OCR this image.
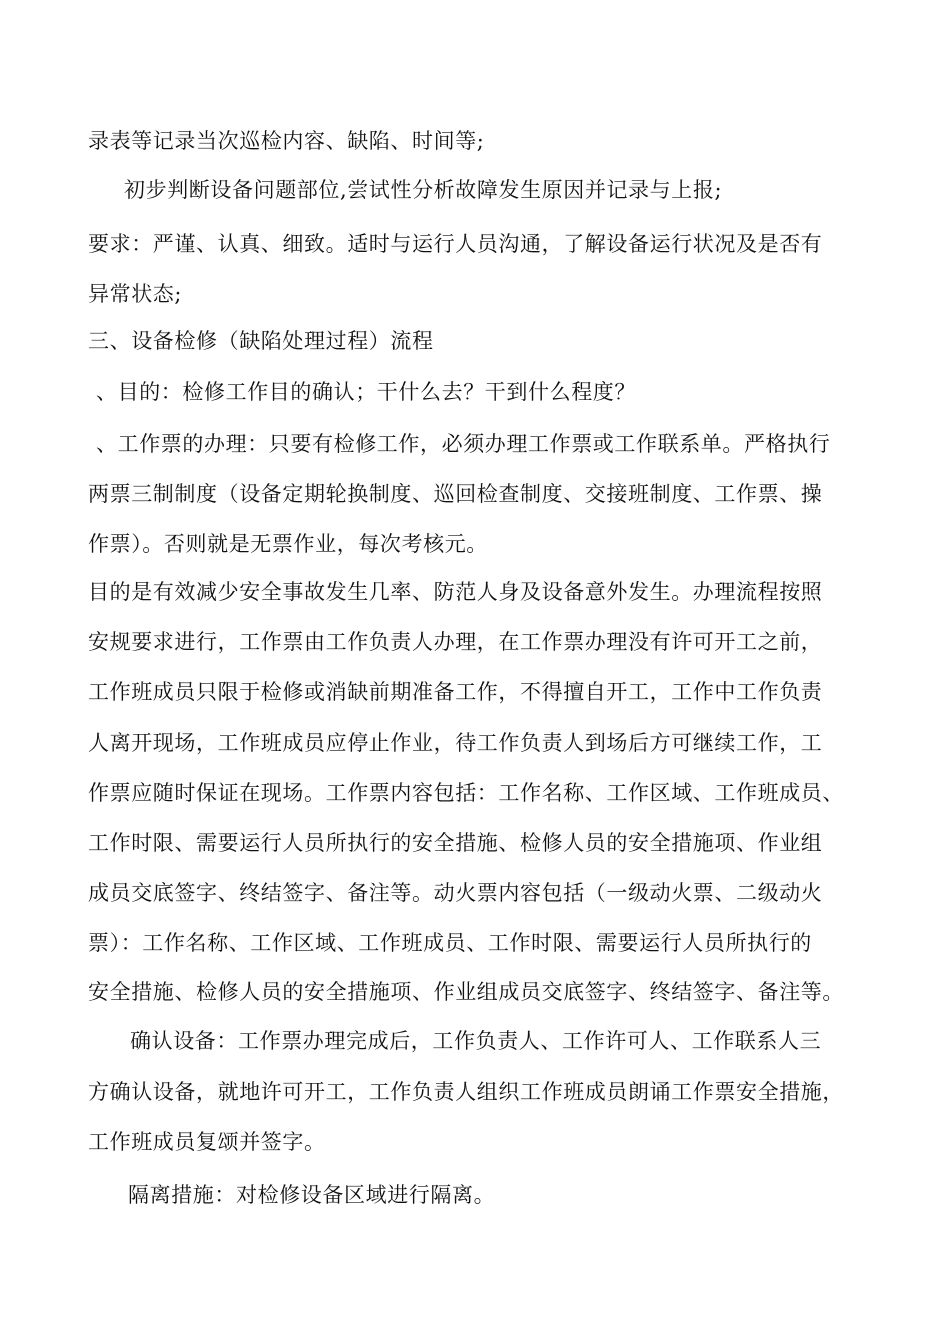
录表等记录当次巡检内容、缺陷、时间等;
初步判断设备问题部位,尝试性分析故障发生原因并记录与上报;
要求：严谨、认真、细致。适时与运行人员沟通，了解设备运行状况及是否有
异常状态;
三、设备检修（缺陷处理过程）流程
、目的：检修工作目的确认；干什么去？干到什么程度？
、工作票的办理：只要有检修工作，必须办理工作票或工作联系单。严格执行
两票三制制度（设备定期轮换制度、巡回检查制度、交接班制度、工作票、操
作票）。否则就是无票作业，每次考核元。
目的是有效减少安全事故发生几率、防范人身及设备意外发生。办理流程按照
安规要求进行，工作票由工作负责人办理，在工作票办理没有许可开工之前，
工作班成员只限于检修或消缺前期准备工作，不得擅自开工，工作中工作负责
人离开现场，工作班成员应停止作业，待工作负责人到场后方可继续工作，工
作票应随时保证在现场。工作票内容包括：工作名称、工作区域、工作班成员、
工作时限、需要运行人员所执行的安全措施、检修人员的安全措施项、作业组
成员交底签字、终结签字、备注等。动火票内容包括（一级动火票、二级动火
票）：工作名称、工作区域、工作班成员、工作时限、需要运行人员所执行的
安全措施、检修人员的安全措施项、作业组成员交底签字、终结签字、备注等。
确认设备：工作票办理完成后，工作负责人、工作许可人、工作联系人三
方确认设备，就地许可开工，工作负责人组织工作班成员朗诵工作票安全措施，
工作班成员复颂并签字。
隔离措施：对检修设备区域进行隔离。
